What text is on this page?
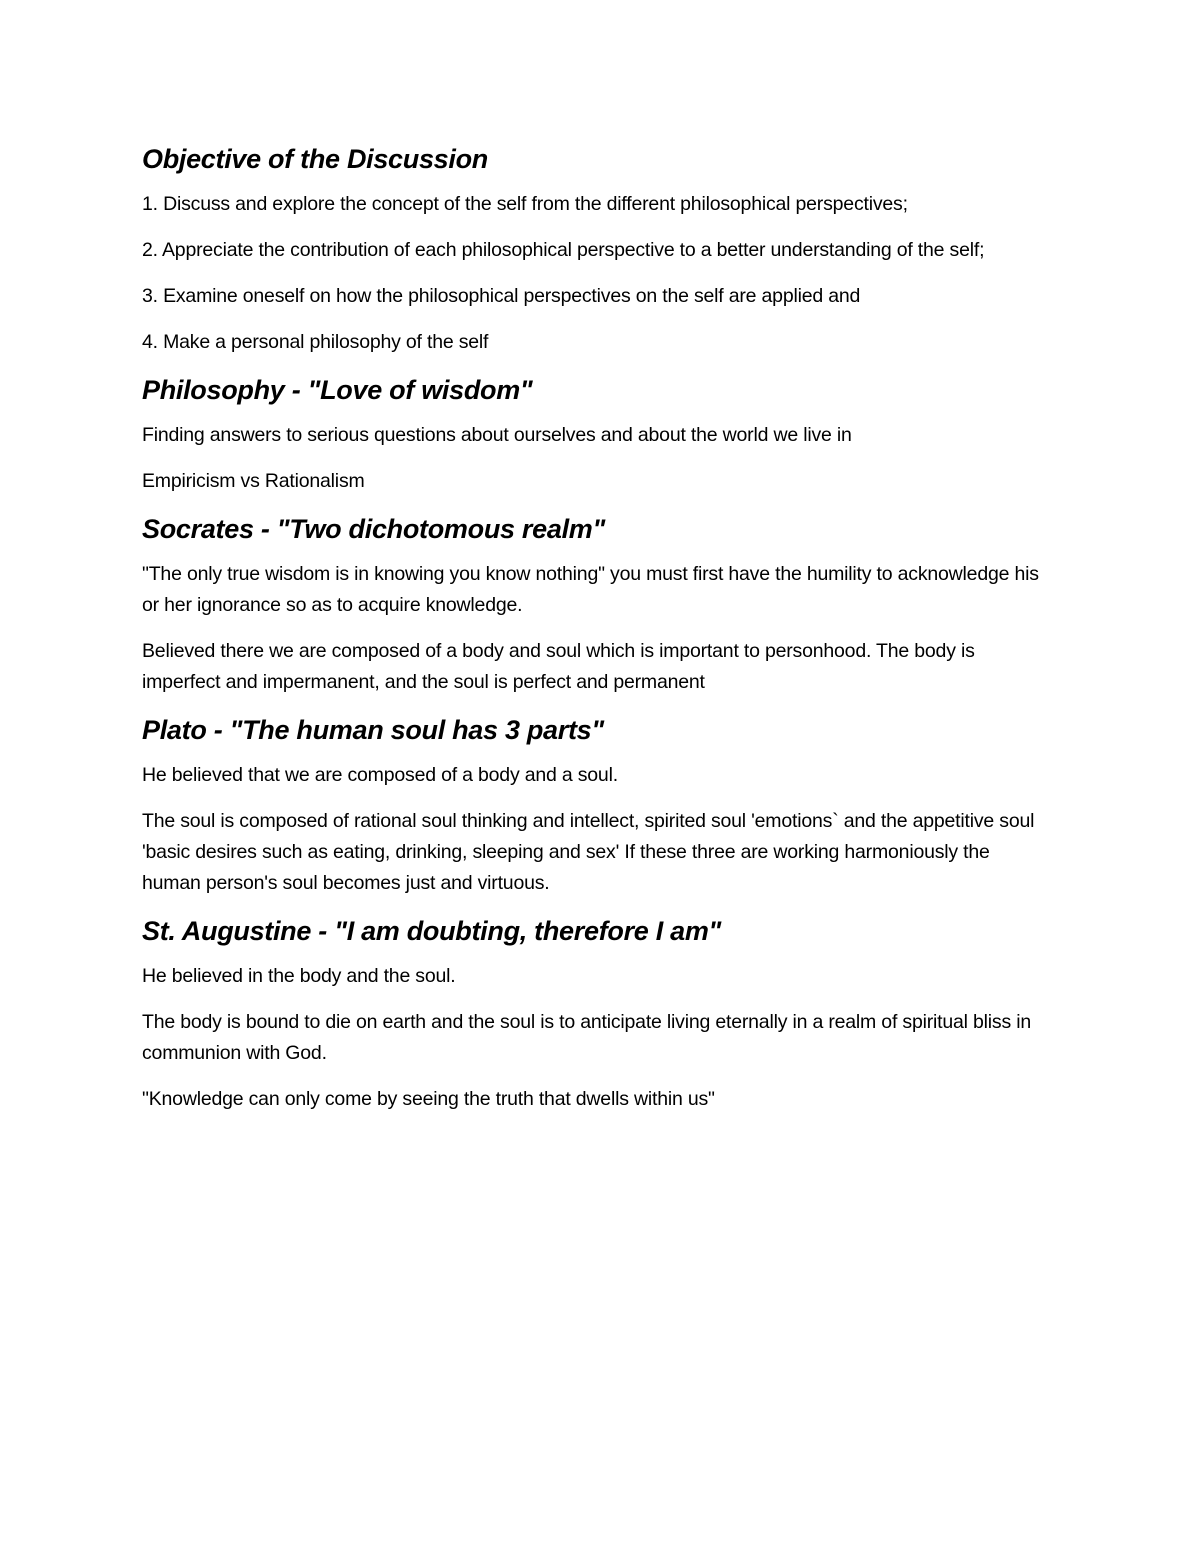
Objective of the Discussion

1. Discuss and explore the concept of the self from the different philosophical perspectives;

2. Appreciate the contribution of each philosophical perspective to a better understanding of the self;

3. Examine oneself on how the philosophical perspectives on the self are applied and

4. Make a personal philosophy of the self

Philosophy - "Love of wisdom"

Finding answers to serious questions about ourselves and about the world we live in

Empiricism vs Rationalism

Socrates - "Two dichotomous realm"

"The only true wisdom is in knowing you know nothing" you must first have the humility to acknowledge his or her ignorance so as to acquire knowledge.

Believed there we are composed of a body and soul which is important to personhood. The body is imperfect and impermanent, and the soul is perfect and permanent

Plato - "The human soul has 3 parts"

He believed that we are composed of a body and a soul.

The soul is composed of rational soul thinking and intellect, spirited soul 'emotions` and the appetitive soul 'basic desires such as eating, drinking, sleeping and sex' If these three are working harmoniously the human person's soul becomes just and virtuous.

St. Augustine - "I am doubting, therefore I am"

He believed in the body and the soul.

The body is bound to die on earth and the soul is to anticipate living eternally in a realm of spiritual bliss in communion with God.

"Knowledge can only come by seeing the truth that dwells within us"
